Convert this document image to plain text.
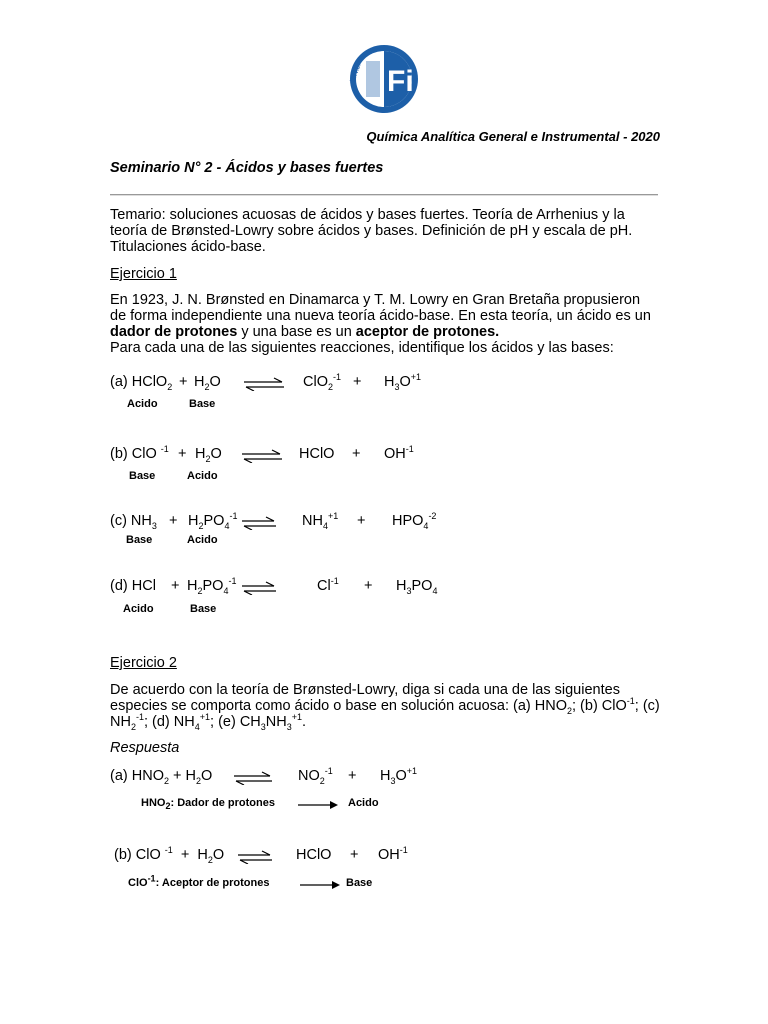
Fi
U.N.L.
Química Analítica General e Instrumental - 2020
Seminario N° 2 - Ácidos y bases fuertes
Temario: soluciones acuosas de ácidos y bases fuertes. Teoría de Arrhenius y la teoría de Brønsted-Lowry sobre ácidos y bases. Definición de pH y escala de pH. Titulaciones ácido-base.
Ejercicio 1
En 1923, J. N. Brønsted en Dinamarca y T. M. Lowry en Gran Bretaña propusieron de forma independiente una nueva teoría ácido-base. En esta teoría, un ácido es un dador de protones y una base es un aceptor de protones.
Para cada una de las siguientes reacciones, identifique los ácidos y las bases:
(a) HClO$_2$ + $H_2O$ ⇌ $ClO_2^{-1} + H_3O^{+1}$
Acido	Base
(b) ClO $^{-1} + H_2O$ ⇌ HClO + $OH^{-1}$
Base	Acido
(c) $NH_3 + H_2PO_4^{-1}$ ⇌ $NH_4^{+1} + HPO_4^{-2}$
Base	Acido
(d) HCl + $H_2PO_4^{-1}$ ⇌	$Cl^{-1} + H_3PO_4$
Acido	Base
Ejercicio 2
De acuerdo con la teoría de Brønsted-Lowry, diga si cada una de las siguientes especies se comporta como ácido o base en solución acuosa: (a) $HNO_2$; (b) ClO$^{-1}$; (c) $NH_2^{-1}$; (d) $NH_4^{+1}$; (e) $CH_3NH_3^{+1}$.
Respuesta
(a) $HNO_2 + H_2O$ ⇌ $NO_2^{-1} + H_3O^{+1}$
$HNO_2$: Dador de protones	Acido
(b) ClO $^{-1} + H_2O$ ⇌ HClO + $OH^{-1}$
ClO$^{-1}$: Aceptor de protones	Base
